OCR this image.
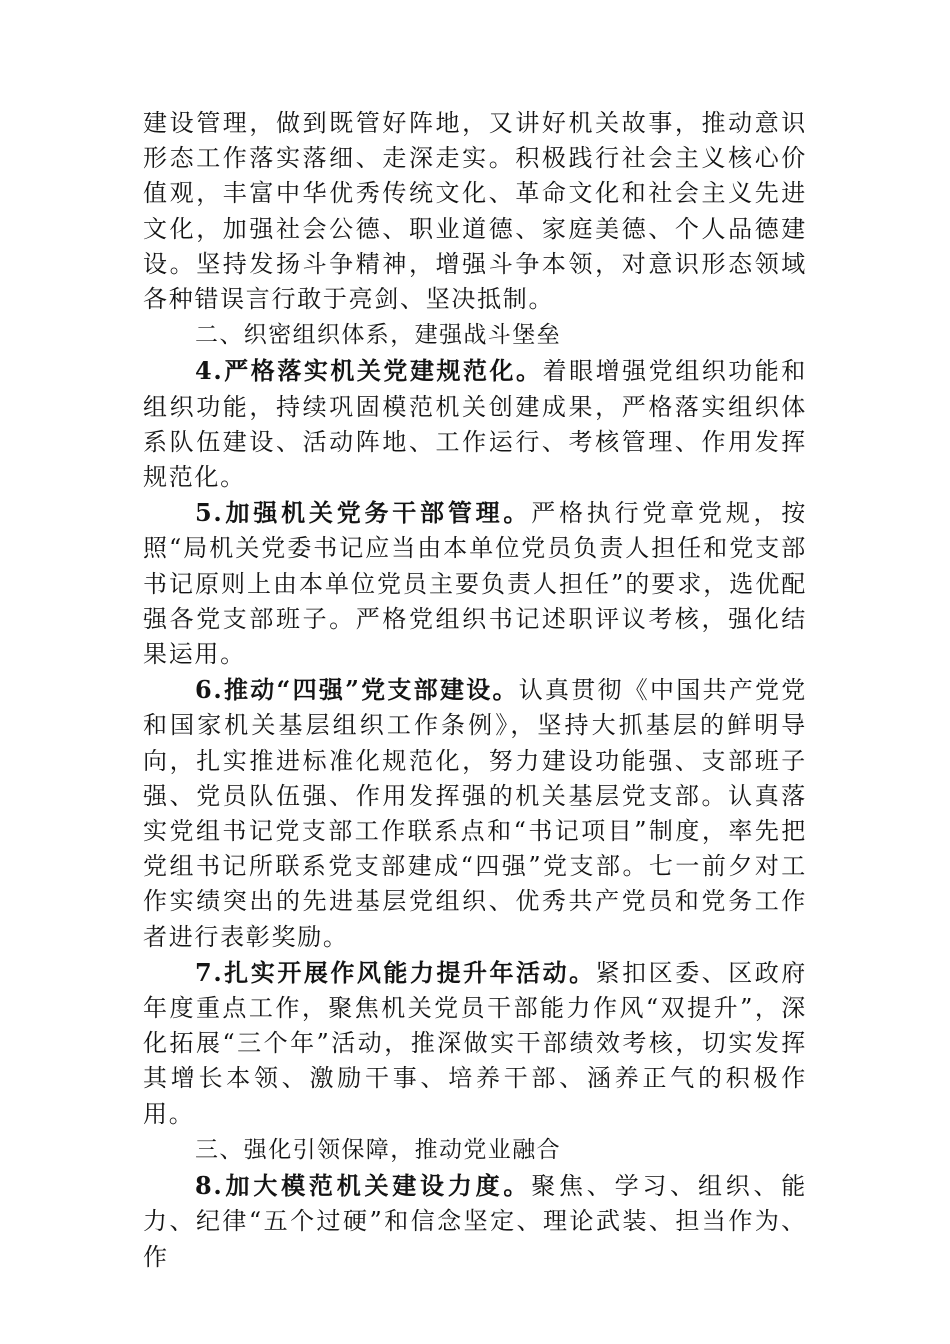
建设管理，做到既管好阵地，又讲好机关故事，推动意识形态工作落实落细、走深走实。积极践行社会主义核心价值观，丰富中华优秀传统文化、革命文化和社会主义先进文化，加强社会公德、职业道德、家庭美德、个人品德建设。坚持发扬斗争精神，增强斗争本领，对意识形态领域各种错误言行敢于亮剑、坚决抵制。

二、织密组织体系，建强战斗堡垒

4.严格落实机关党建规范化。着眼增强党组织功能和组织功能，持续巩固模范机关创建成果，严格落实组织体系队伍建设、活动阵地、工作运行、考核管理、作用发挥规范化。

5.加强机关党务干部管理。严格执行党章党规，按照“局机关党委书记应当由本单位党员负责人担任和党支部书记原则上由本单位党员主要负责人担任”的要求，选优配强各党支部班子。严格党组织书记述职评议考核，强化结果运用。

6.推动“四强”党支部建设。认真贯彻《中国共产党党和国家机关基层组织工作条例》，坚持大抓基层的鲜明导向，扎实推进标准化规范化，努力建设功能强、支部班子强、党员队伍强、作用发挥强的机关基层党支部。认真落实党组书记党支部工作联系点和“书记项目”制度，率先把党组书记所联系党支部建成“四强”党支部。七一前夕对工作实绩突出的先进基层党组织、优秀共产党员和党务工作者进行表彰奖励。

7.扎实开展作风能力提升年活动。紧扣区委、区政府年度重点工作，聚焦机关党员干部能力作风“双提升”，深化拓展“三个年”活动，推深做实干部绩效考核，切实发挥其增长本领、激励干事、培养干部、涵养正气的积极作用。

三、强化引领保障，推动党业融合

8.加大模范机关建设力度。聚焦、学习、组织、能力、纪律“五个过硬”和信念坚定、理论武装、担当作为、作
